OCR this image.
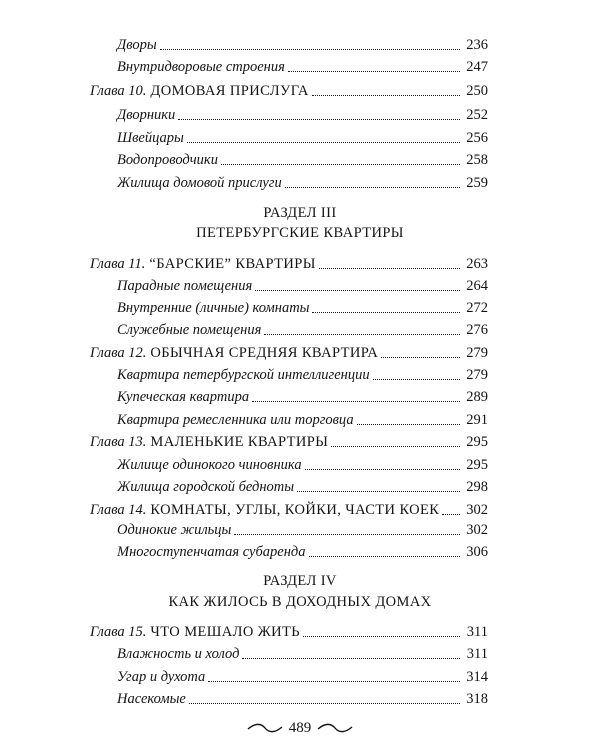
Дворы	236
Внутридворовые строения	247
Глава 10. ДОМОВАЯ ПРИСЛУГА	250
Дворники	252
Швейцары	256
Водопроводчики	258
Жилища домовой прислуги	259
РАЗДЕЛ III
ПЕТЕРБУРГСКИЕ КВАРТИРЫ
Глава 11. “БАРСКИЕ” КВАРТИРЫ	263
Парадные помещения	264
Внутренние (личные) комнаты	272
Служебные помещения	276
Глава 12. ОБЫЧНАЯ СРЕДНЯЯ КВАРТИРА	279
Квартира петербургской интеллигенции	279
Купеческая квартира	289
Квартира ремесленника или торговца	291
Глава 13. МАЛЕНЬКИЕ КВАРТИРЫ	295
Жилище одинокого чиновника	295
Жилища городской бедноты	298
Глава 14. КОМНАТЫ, УГЛЫ, КОЙКИ, ЧАСТИ КОЕК 302
Одинокие жильцы	302
Многоступенчатая субаренда	306
РАЗДЕЛ IV
КАК ЖИЛОСЬ В ДОХОДНЫХ ДОМАХ
Глава 15. ЧТО МЕШАЛО ЖИТЬ	311
Влажность и холод	311
Угар и духота	314
Насекомые	318
489
